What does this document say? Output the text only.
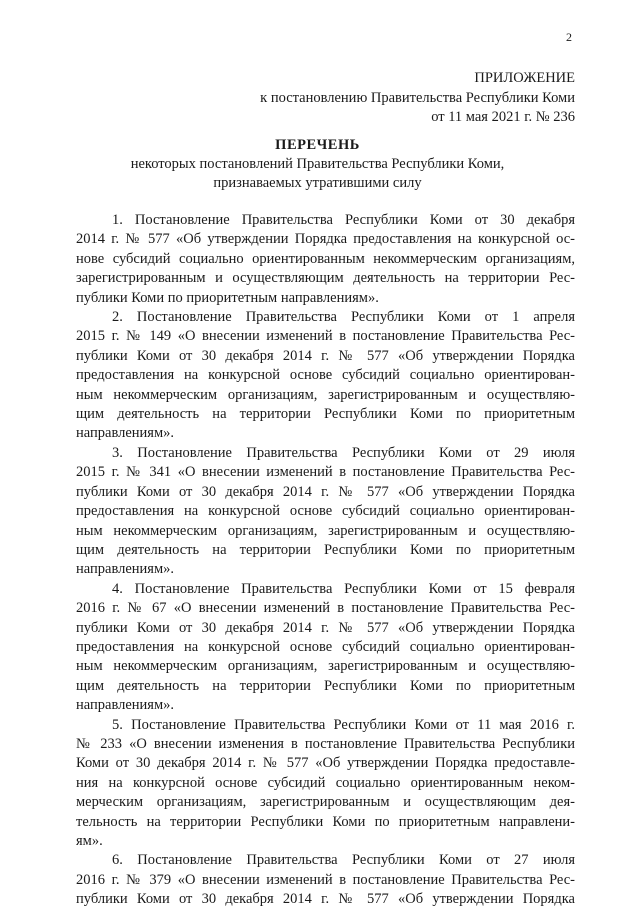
2
ПРИЛОЖЕНИЕ
к постановлению Правительства Республики Коми
от 11 мая 2021 г. № 236
ПЕРЕЧЕНЬ
некоторых постановлений Правительства Республики Коми,
признаваемых утратившими силу

1. Постановление Правительства Республики Коми от 30 декабря
2014 г. № 577 «Об утверждении Порядка предоставления на конкурсной ос-
нове субсидий социально ориентированным некоммерческим организациям,
зарегистрированным и осуществляющим деятельность на территории Рес-
публики Коми по приоритетным направлениям».

2. Постановление Правительства Республики Коми от 1 апреля
2015 г. № 149 «О внесении изменений в постановление Правительства Рес-
публики Коми от 30 декабря 2014 г. № 577 «Об утверждении Порядка
предоставления на конкурсной основе субсидий социально ориентирован-
ным некоммерческим организациям, зарегистрированным и осуществляю-
щим деятельность на территории Республики Коми по приоритетным
направлениям».

3. Постановление Правительства Республики Коми от 29 июля
2015 г. № 341 «О внесении изменений в постановление Правительства Рес-
публики Коми от 30 декабря 2014 г. № 577 «Об утверждении Порядка
предоставления на конкурсной основе субсидий социально ориентирован-
ным некоммерческим организациям, зарегистрированным и осуществляю-
щим деятельность на территории Республики Коми по приоритетным
направлениям».

4. Постановление Правительства Республики Коми от 15 февраля
2016 г. № 67 «О внесении изменений в постановление Правительства Рес-
публики Коми от 30 декабря 2014 г. № 577 «Об утверждении Порядка
предоставления на конкурсной основе субсидий социально ориентирован-
ным некоммерческим организациям, зарегистрированным и осуществляю-
щим деятельность на территории Республики Коми по приоритетным
направлениям».

5. Постановление Правительства Республики Коми от 11 мая 2016 г.
№ 233 «О внесении изменения в постановление Правительства Республики
Коми от 30 декабря 2014 г. № 577 «Об утверждении Порядка предоставле-
ния на конкурсной основе субсидий социально ориентированным неком-
мерческим организациям, зарегистрированным и осуществляющим дея-
тельность на территории Республики Коми по приоритетным направлени-
ям».

6. Постановление Правительства Республики Коми от 27 июля
2016 г. № 379 «О внесении изменений в постановление Правительства Рес-
публики Коми от 30 декабря 2014 г. № 577 «Об утверждении Порядка
